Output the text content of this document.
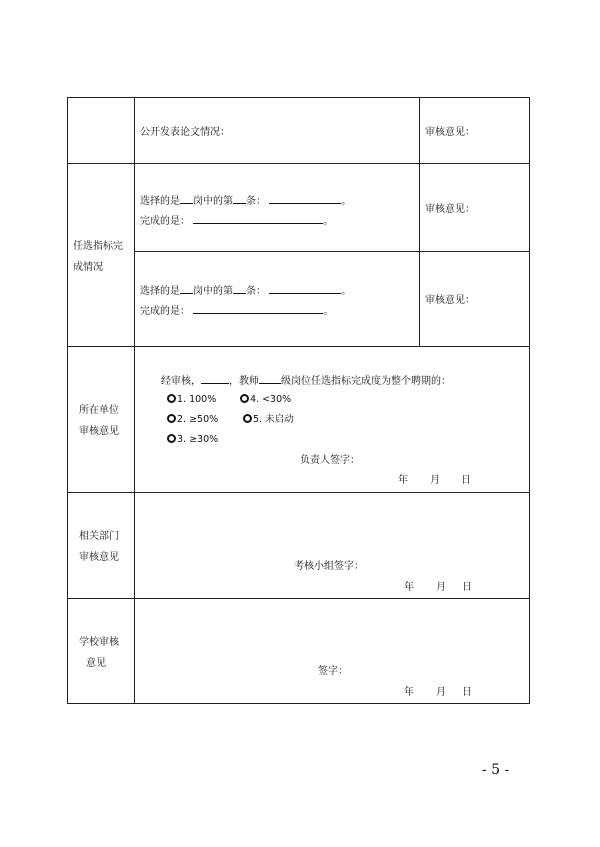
公开发表论文情况：	审核意见：
任选指标完
成情况
选择的是 岗中的第 条：	。
完成的是：	。
审核意见：
选择的是 岗中的第 条：	。
完成的是：	。
审核意见：
所在单位
审核意见
经审核，	，教师 级岗位任选指标完成度为整个聘期的：
1. 100%	4. <30%
2. ≥50%	5. 未启动
3. ≥30%
负责人签字：
年 月 日
相关部门
审核意见
考核小组签字：
年 月 日
学校审核
意见
签字：
年 月 日
- 5 -
